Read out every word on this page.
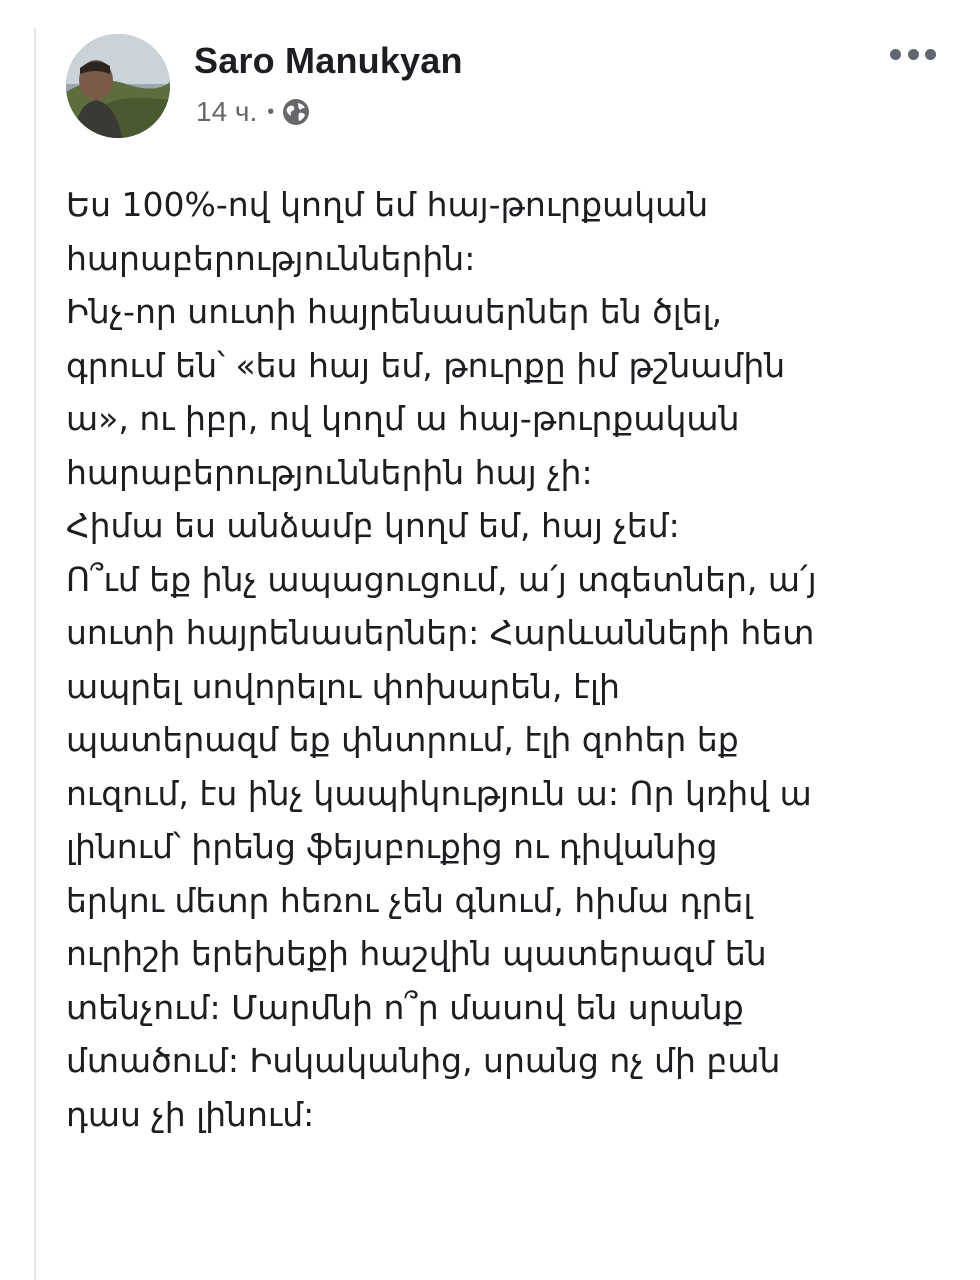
Saro Manukyan
14 ч. •
Ես 100%-ով կողմ եմ հայ-թուրքական
հարաբերություններին:
Ինչ-որ սուտի հայրենասերներ են ծլել,
գրում են՝ «ես հայ եմ, թուրքը իմ թշնամին
ա», ու իբր, ով կողմ ա հայ-թուրքական
հարաբերություններին հայ չի:
Հիմա ես անձամբ կողմ եմ, հայ չեմ:
Ո՞ւմ եք ինչ ապացուցում, ա՛յ տգետներ, ա՛յ
սուտի հայրենասերներ: Հարևանների հետ
ապրել սովորելու փոխարեն, էլի
պատերազմ եք փնտրում, էլի զոհեր եք
ուզում, էս ինչ կապիկություն ա: Որ կռիվ ա
լինում՝ իրենց ֆեյսբուքից ու դիվանից
երկու մետր հեռու չեն գնում, հիմա դրել
ուրիշի երեխեքի հաշվին պատերազմ են
տենչում: Մարմնի ո՞ր մասով են սրանք
մտածում: Իսկականից, սրանց ոչ մի բան
դաս չի լինում:
